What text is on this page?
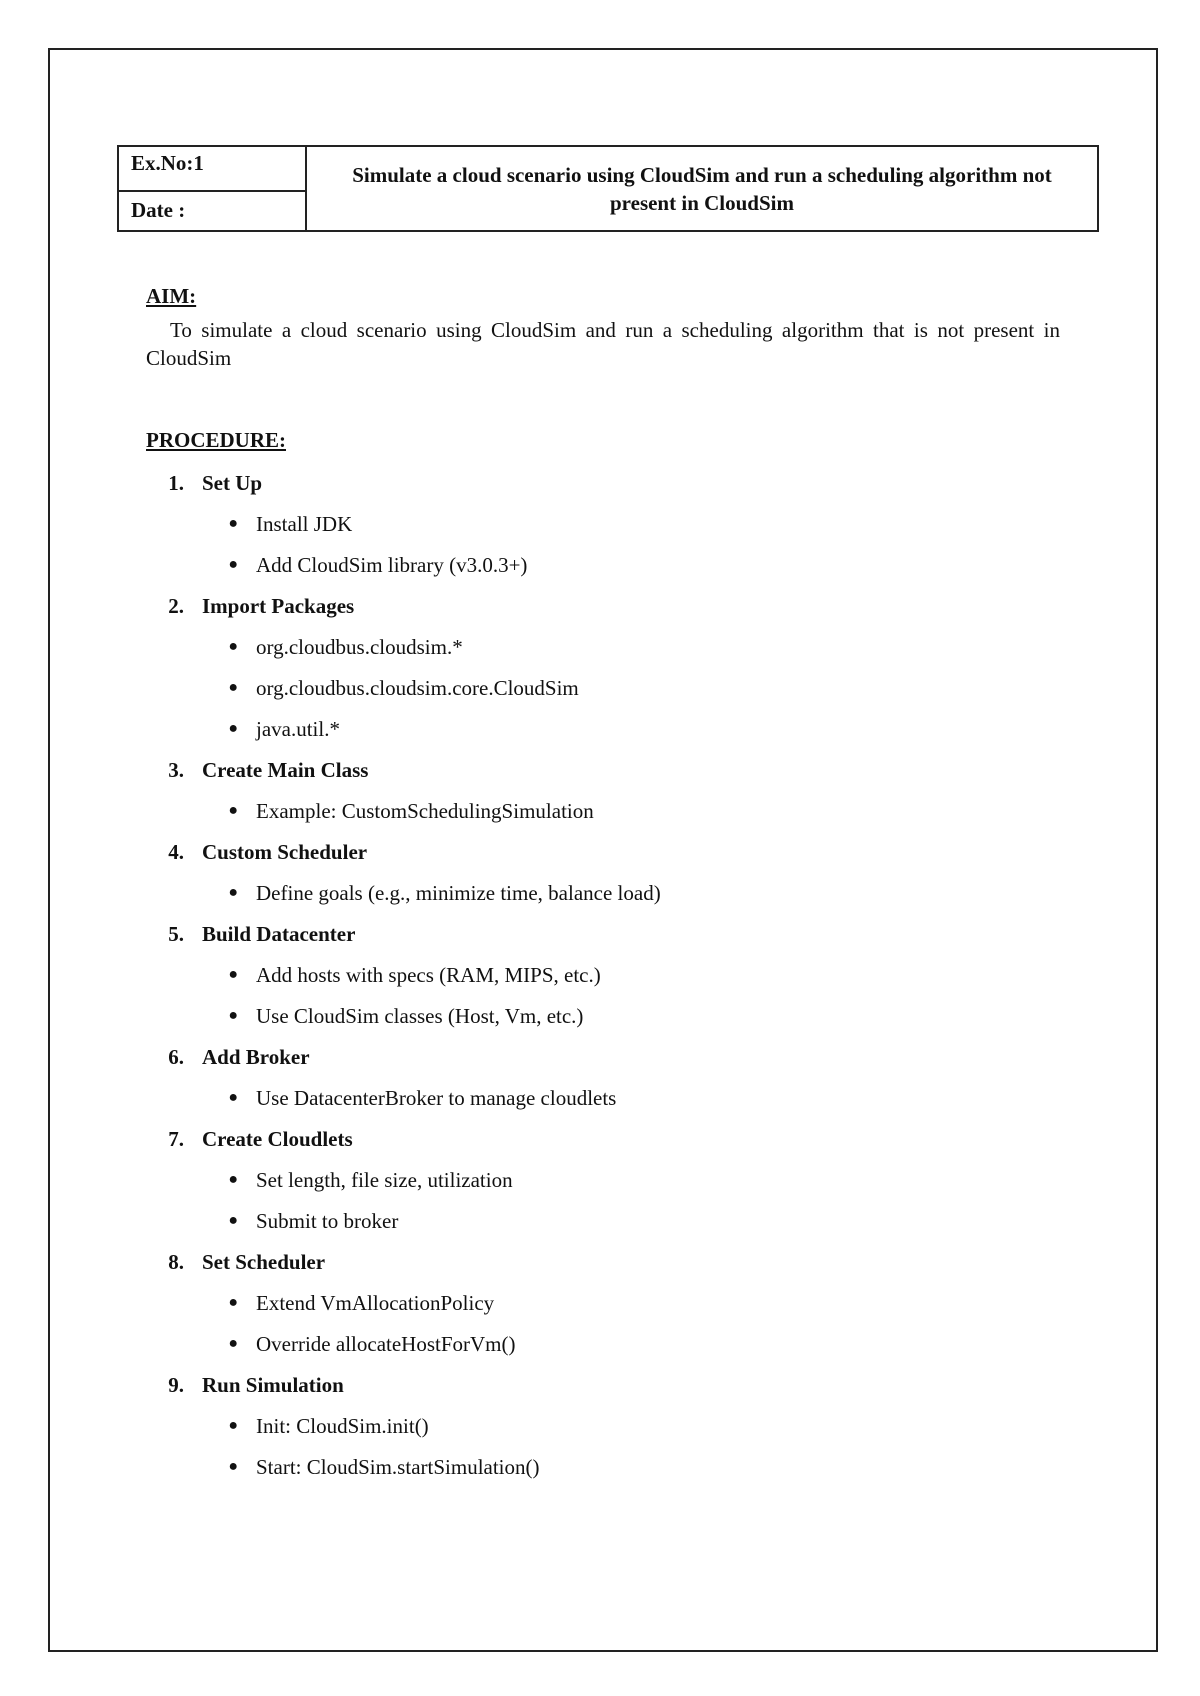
Ex.No:1
Date :
Simulate a cloud scenario using CloudSim and run a scheduling algorithm not present in CloudSim

AIM:

To simulate a cloud scenario using CloudSim and run a scheduling algorithm that is not present in CloudSim

PROCEDURE:

1. Set Up
● Install JDK
● Add CloudSim library (v3.0.3+)
2. Import Packages
● org.cloudbus.cloudsim.*
● org.cloudbus.cloudsim.core.CloudSim
● java.util.*
3. Create Main Class
● Example: CustomSchedulingSimulation
4. Custom Scheduler
● Define goals (e.g., minimize time, balance load)
5. Build Datacenter
● Add hosts with specs (RAM, MIPS, etc.)
● Use CloudSim classes (Host, Vm, etc.)
6. Add Broker
● Use DatacenterBroker to manage cloudlets
7. Create Cloudlets
● Set length, file size, utilization
● Submit to broker
8. Set Scheduler
● Extend VmAllocationPolicy
● Override allocateHostForVm()
9. Run Simulation
● Init: CloudSim.init()
● Start: CloudSim.startSimulation()
